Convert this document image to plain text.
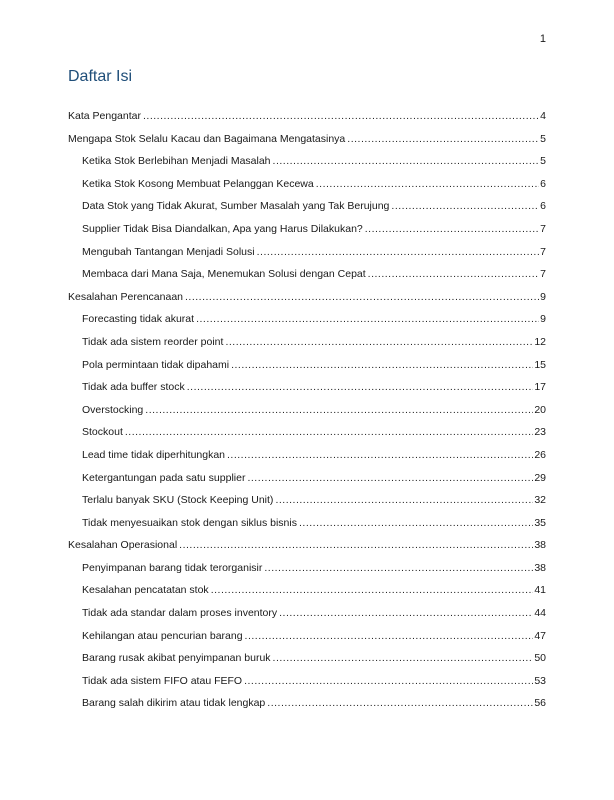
1
Daftar Isi
Kata Pengantar .....	4
Mengapa Stok Selalu Kacau dan Bagaimana Mengatasinya .....	5
Ketika Stok Berlebihan Menjadi Masalah .....	5
Ketika Stok Kosong Membuat Pelanggan Kecewa .....	6
Data Stok yang Tidak Akurat, Sumber Masalah yang Tak Berujung .....	6
Supplier Tidak Bisa Diandalkan, Apa yang Harus Dilakukan? .....	7
Mengubah Tantangan Menjadi Solusi .....	7
Membaca dari Mana Saja, Menemukan Solusi dengan Cepat .....	7
Kesalahan Perencanaan .....	9
Forecasting tidak akurat .....	9
Tidak ada sistem reorder point .....	12
Pola permintaan tidak dipahami .....	15
Tidak ada buffer stock .....	17
Overstocking .....	20
Stockout .....	23
Lead time tidak diperhitungkan .....	26
Ketergantungan pada satu supplier .....	29
Terlalu banyak SKU (Stock Keeping Unit) .....	32
Tidak menyesuaikan stok dengan siklus bisnis .....	35
Kesalahan Operasional .....	38
Penyimpanan barang tidak terorganisir .....	38
Kesalahan pencatatan stok .....	41
Tidak ada standar dalam proses inventory .....	44
Kehilangan atau pencurian barang .....	47
Barang rusak akibat penyimpanan buruk .....	50
Tidak ada sistem FIFO atau FEFO .....	53
Barang salah dikirim atau tidak lengkap .....	56
